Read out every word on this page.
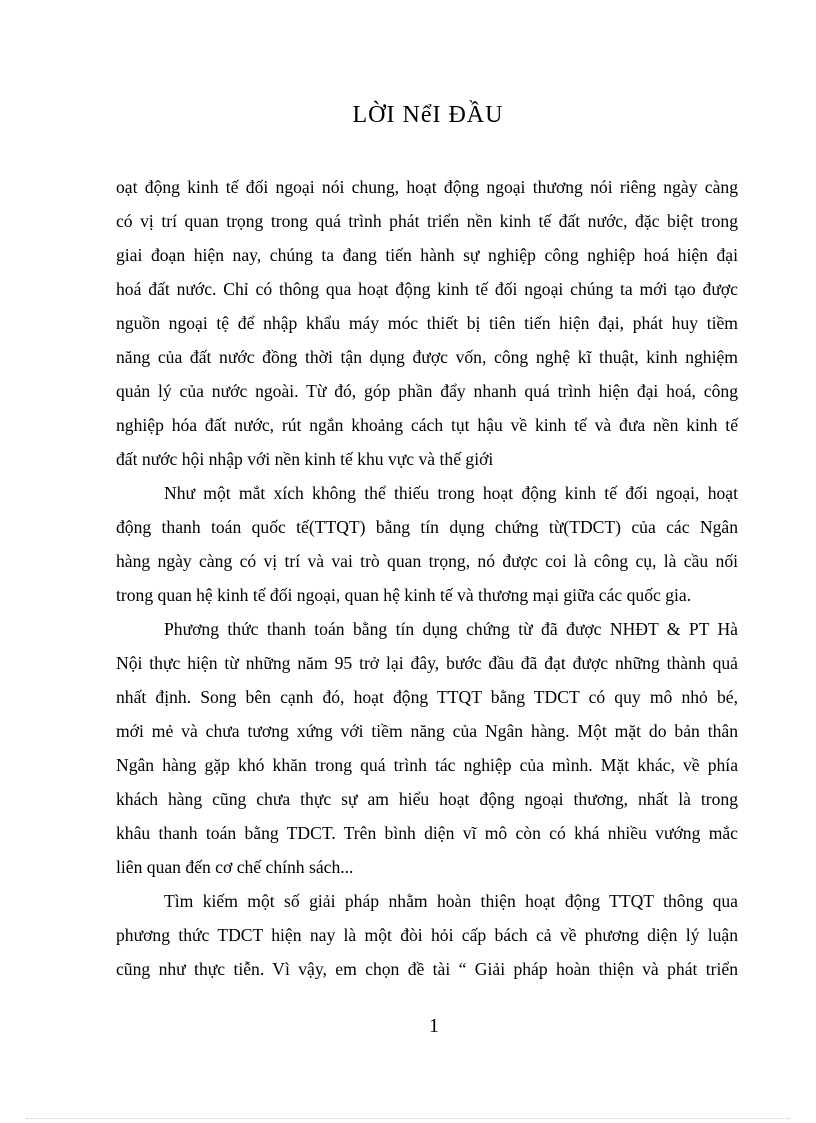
LỜI NểI ĐẦU
oạt động kinh tế đối ngoại nói chung, hoạt động ngoại thương nói riêng ngày càng
có vị trí quan trọng trong quá trình phát triển nền kinh tế đất nước, đặc biệt trong
giai đoạn hiện nay, chúng ta đang tiến hành sự nghiệp công nghiệp hoá hiện đại
hoá đất nước. Chỉ có thông qua hoạt động kinh tế đối ngoại chúng ta mới tạo được
nguồn ngoại tệ để nhập khẩu máy móc thiết bị tiên tiến hiện đại, phát huy tiềm
năng của đất nước đồng thời tận dụng được vốn, công nghệ kĩ thuật, kinh nghiệm
quản lý của nước ngoài. Từ đó, góp phần đẩy nhanh quá trình hiện đại hoá, công
nghiệp hóa đất nước, rút ngắn khoảng cách tụt hậu về kinh tế và đưa nền kinh tế
đất nước hội nhập với nền kinh tế khu vực và thế giới
Như một mắt xích không thể thiếu trong hoạt động kinh tế đối ngoại, hoạt
động thanh toán quốc tế(TTQT) bằng tín dụng chứng từ(TDCT) của các Ngân
hàng ngày càng có vị trí và vai trò quan trọng, nó được coi là công cụ, là cầu nối
trong quan hệ kinh tế đối ngoại, quan hệ kinh tế và thương mại giữa các quốc gia.
Phương thức thanh toán bằng tín dụng chứng từ đã được NHĐT & PT Hà
Nội thực hiện từ những năm 95 trở lại đây, bước đầu đã đạt được những thành quả
nhất định. Song bên cạnh đó, hoạt động TTQT bằng TDCT có quy mô nhỏ bé,
mới mẻ và chưa tương xứng với tiềm năng của Ngân hàng. Một mặt do bản thân
Ngân hàng gặp khó khăn trong quá trình tác nghiệp của mình. Mặt khác, về phía
khách hàng cũng chưa thực sự am hiểu hoạt động ngoại thương, nhất là trong
khâu thanh toán bằng TDCT. Trên bình diện vĩ mô còn có khá nhiều vướng mắc
liên quan đến cơ chế chính sách...
Tìm kiếm một số giải pháp nhằm hoàn thiện hoạt động TTQT thông qua
phương thức TDCT hiện nay là một đòi hỏi cấp bách cả về phương diện lý luận
cũng như thực tiễn. Vì vậy, em chọn đề tài “ Giải pháp hoàn thiện và phát triển
1
